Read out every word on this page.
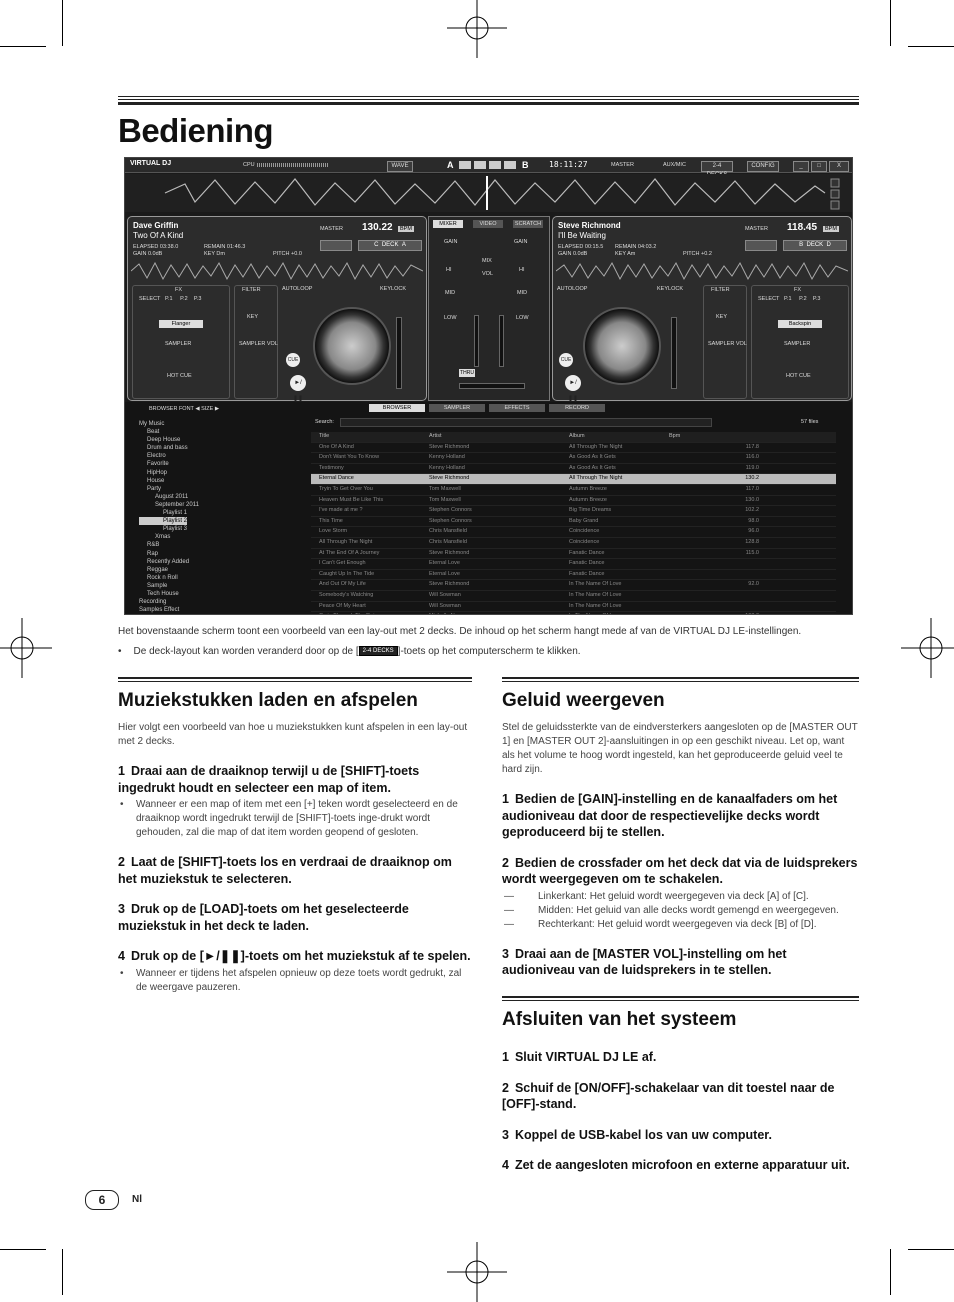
Bediening
VIRTUAL DJ	CPU	WAVE	A	B	18:11:27	MASTER	AUX/MIC	2-4	CONFIG	_	□	X
Dave Griffin
Two Of A Kind
MASTER 130.22	BPM
ELAPSED 03:38.0	REMAIN 01:46.3
GAIN 0.0dB	KEY Dm	PITCH +0.0
C  DECK  A
FX
SELECT   P.1     P.2    P.3
Flanger
SAMPLER
HOT CUE
FILTER
KEY
SAMPLER VOL
AUTOLOOP	KEYLOCK
CUE
►/❚❚
MIXER	VIDEO	SCRATCH
GAIN	GAIN
MIX
VOL
HI	HI
MID	MID
LOW	LOW
THRU
Steve Richmond
I'll Be Waiting
MASTER 118.45	BPM
ELAPSED 00:15.5 REMAIN 04:03.2
GAIN 0.0dB	KEY Am	PITCH +0.2
B  DECK  D
AUTOLOOP	KEYLOCK
CUE
►/❚❚
FILTER
KEY
SAMPLER VOL
FX
SELECT   P.1     P.2    P.3
Backspin
SAMPLER
HOT CUE
BROWSER FONT ◀ SIZE ▶	BROWSER	SAMPLER	EFFECTS	RECORD
Search:	57 files
My Music
Beat
Deep House
Drum and bass
Electro
Favorite
HipHop
House
Party
August 2011
September 2011
Playlist 1
Playlist 2
Playlist 3
Xmas
R&B
Rap
Recently Added
Reggae
Rock n Roll
Sample
Tech House
Recording
Samples Effect
Title	Artist	Album	Bpm
One Of A Kind	Steve Richmond	All Through The Night	117.8
Don't Want You To Know	Kenny Holland	As Good As It Gets	116.0
Testimony	Kenny Holland	As Good As It Gets	119.0
Eternal Dance	Steve Richmond	All Through The Night	130.2
Tryin To Get Over You	Tom Maxwell	Autumn Breeze	117.0
Heaven Must Be Like This	Tom Maxwell	Autumn Breeze	130.0
I've made at me ?	Stephen Connors	Big Time Dreams	102.2
This Time	Stephen Connors	Baby Grand	98.0
Love Storm	Chris Mansfield	Coincidence	96.0
All Through The Night	Chris Mansfield	Coincidence	128.8
At The End Of A Journey	Steve Richmond	Fanatic Dance	115.0
I Can't Get Enough	Eternal Love	Fanatic Dance
Caught Up In The Tide	Eternal Love	Fanatic Dance
And Out Of My Life	Steve Richmond	In The Name Of Love	92.0
Somebody's Watching	Will Sowman	In The Name Of Love
Peace Of My Heart	Will Sowman	In The Name Of Love
Het bovenstaande scherm toont een voorbeeld van een lay-out met 2 decks. De inhoud op het scherm hangt mede af van de VIRTUAL DJ LE-instellingen.
• De deck-layout kan worden veranderd door op de [ 2-4 DECKS ]-toets op het computerscherm te klikken.
Muziekstukken laden en afspelen
Hier volgt een voorbeeld van hoe u muziekstukken kunt afspelen in een lay-out met 2 decks.
1 Draai aan de draaiknop terwijl u de [SHIFT]-toets ingedrukt houdt en selecteer een map of item.
• Wanneer er een map of item met een [+] teken wordt geselecteerd en de draaiknop wordt ingedrukt terwijl de [SHIFT]-toets inge-drukt wordt gehouden, zal die map of dat item worden geopend of gesloten.
2 Laat de [SHIFT]-toets los en verdraai de draaiknop om het muziekstuk te selecteren.
3 Druk op de [LOAD]-toets om het geselecteerde muziekstuk in het deck te laden.
4 Druk op de [►/❚❚]-toets om het muziekstuk af te spelen.
• Wanneer er tijdens het afspelen opnieuw op deze toets wordt gedrukt, zal de weergave pauzeren.
Geluid weergeven
Stel de geluidssterkte van de eindversterkers aangesloten op de [MASTER OUT 1] en [MASTER OUT 2]-aansluitingen in op een geschikt niveau. Let op, want als het volume te hoog wordt ingesteld, kan het geproduceerde geluid veel te hard zijn.
1 Bedien de [GAIN]-instelling en de kanaalfaders om het audioniveau dat door de respectievelijke decks wordt geproduceerd bij te stellen.
2 Bedien de crossfader om het deck dat via de luidsprekers wordt weergegeven om te schakelen.
— Linkerkant: Het geluid wordt weergegeven via deck [A] of [C].
— Midden: Het geluid van alle decks wordt gemengd en weergegeven.
— Rechterkant: Het geluid wordt weergegeven via deck [B] of [D].
3 Draai aan de [MASTER VOL]-instelling om het audioniveau van de luidsprekers in te stellen.
Afsluiten van het systeem
1 Sluit VIRTUAL DJ LE af.
2 Schuif de [ON/OFF]-schakelaar van dit toestel naar de [OFF]-stand.
3 Koppel de USB-kabel los van uw computer.
4 Zet de aangesloten microfoon en externe apparatuur uit.
6	Nl
